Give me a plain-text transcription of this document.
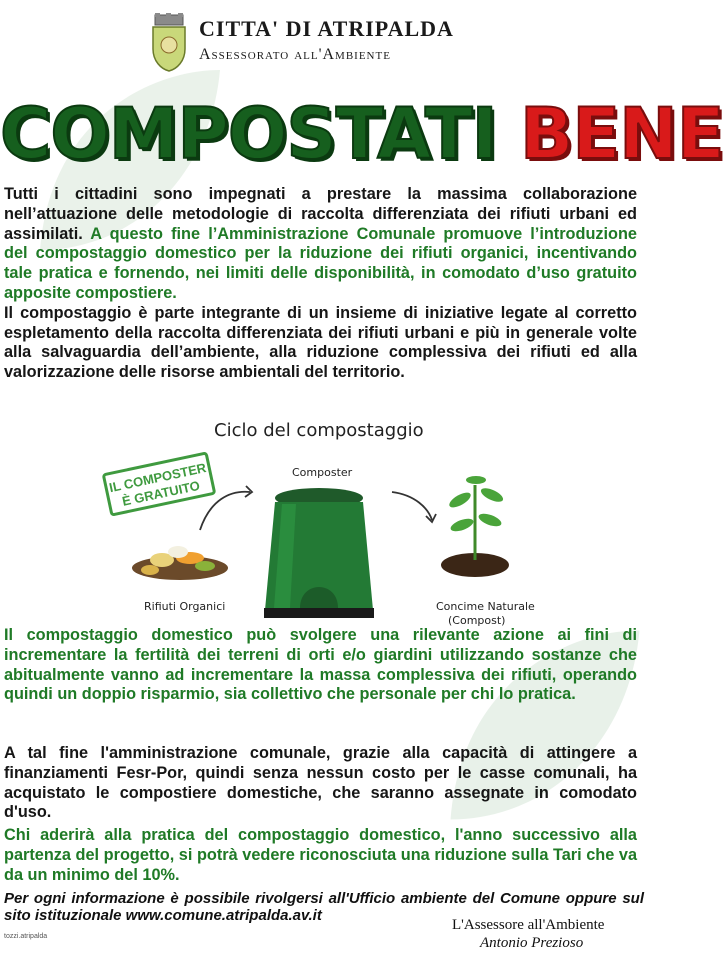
CITTA' DI ATRIPALDA
Assessorato all'Ambiente
COMPOSTATI BENE
Tutti i cittadini sono impegnati a prestare la massima collaborazione nell’attuazione delle metodologie di raccolta differenziata dei rifiuti urbani ed assimilati. A questo fine l’Amministrazione Comunale promuove l’introduzione del compostaggio domestico per la riduzione dei rifiuti organici, incentivando tale pratica e fornendo, nei limiti delle disponibilità, in comodato d’uso gratuito apposite compostiere.
Il compostaggio è parte integrante di un insieme di iniziative legate al corretto espletamento della raccolta differenziata dei rifiuti urbani e più in generale volte alla salvaguardia dell’ambiente, alla riduzione complessiva dei rifiuti ed alla valorizzazione delle risorse ambientali del territorio.
Ciclo del compostaggio
IL COMPOSTER È GRATUITO
Composter
Rifiuti Organici	Concime Naturale
(Compost)
Il compostaggio domestico può svolgere una rilevante azione ai fini di incrementare la fertilità dei terreni di orti e/o giardini utilizzando sostanze che abitualmente vanno ad incrementare la massa complessiva dei rifiuti, operando quindi un doppio risparmio, sia collettivo che personale per chi lo pratica.
A tal fine l'amministrazione comunale, grazie alla capacità di attingere a finanziamenti Fesr-Por, quindi senza nessun costo per le casse comunali, ha acquistato le compostiere domestiche, che saranno assegnate in comodato d'uso.
Chi aderirà alla pratica del compostaggio domestico, l'anno successivo alla partenza del progetto, si potrà vedere riconosciuta una riduzione sulla Tari che va da un minimo del 10%.
Per ogni informazione è possibile rivolgersi all'Ufficio ambiente del Comune oppure sul sito istituzionale www.comune.atripalda.av.it
tozzi.atripalda
L'Assessore all'Ambiente
Antonio Prezioso
